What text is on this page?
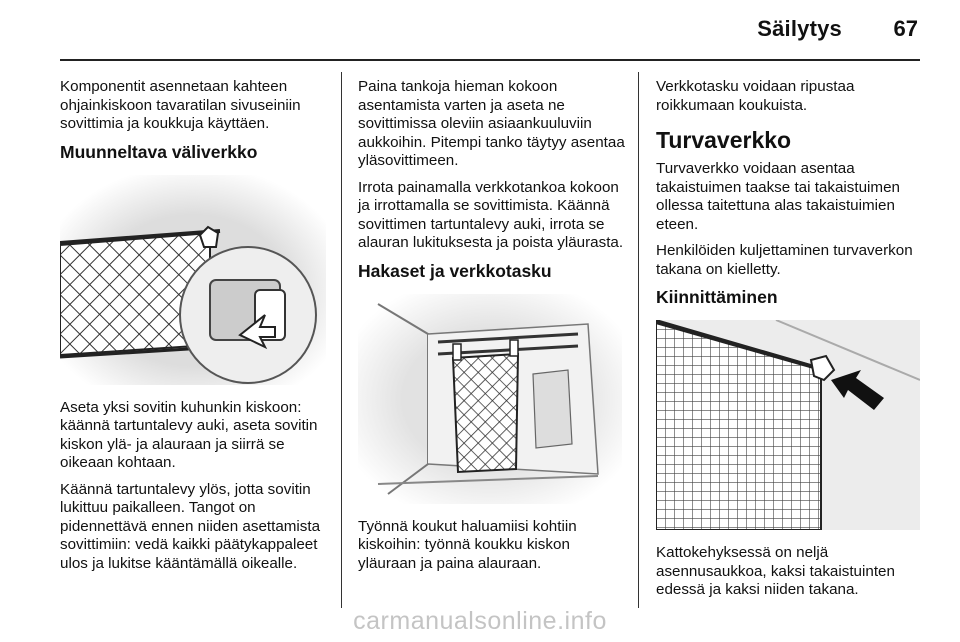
Säilytys 67

Komponentit asennetaan kahteen ohjainkiskoon tavaratilan sivuseiniin sovittimia ja koukkuja käyttäen.

Muunneltava väliverkko

Aseta yksi sovitin kuhunkin kiskoon: käännä tartuntalevy auki, aseta sovitin kiskon ylä- ja alauraan ja siirrä se oikeaan kohtaan.

Käännä tartuntalevy ylös, jotta sovitin lukittuu paikalleen. Tangot on pidennettävä ennen niiden asettamista sovittimiin: vedä kaikki päätykappaleet ulos ja lukitse kääntämällä oikealle.

Paina tankoja hieman kokoon asentamista varten ja aseta ne sovittimissa oleviin asiaankuuluviin aukkoihin. Pitempi tanko täytyy asentaa yläsovittimeen.

Irrota painamalla verkkotankoa kokoon ja irrottamalla se sovittimista. Käännä sovittimen tartuntalevy auki, irrota se alauran lukituksesta ja poista yläurasta.

Hakaset ja verkkotasku

Työnnä koukut haluamiisi kohtiin kiskoihin: työnnä koukku kiskon yläuraan ja paina alauraan.

Verkkotasku voidaan ripustaa roikkumaan koukuista.

Turvaverkko

Turvaverkko voidaan asentaa takaistuimen taakse tai takaistuimen ollessa taitettuna alas takaistuimien eteen.

Henkilöiden kuljettaminen turvaverkon takana on kielletty.

Kiinnittäminen

Kattokehyksessä on neljä asennusaukkoa, kaksi takaistuinten edessä ja kaksi niiden takana.

carmanualsonline.info
